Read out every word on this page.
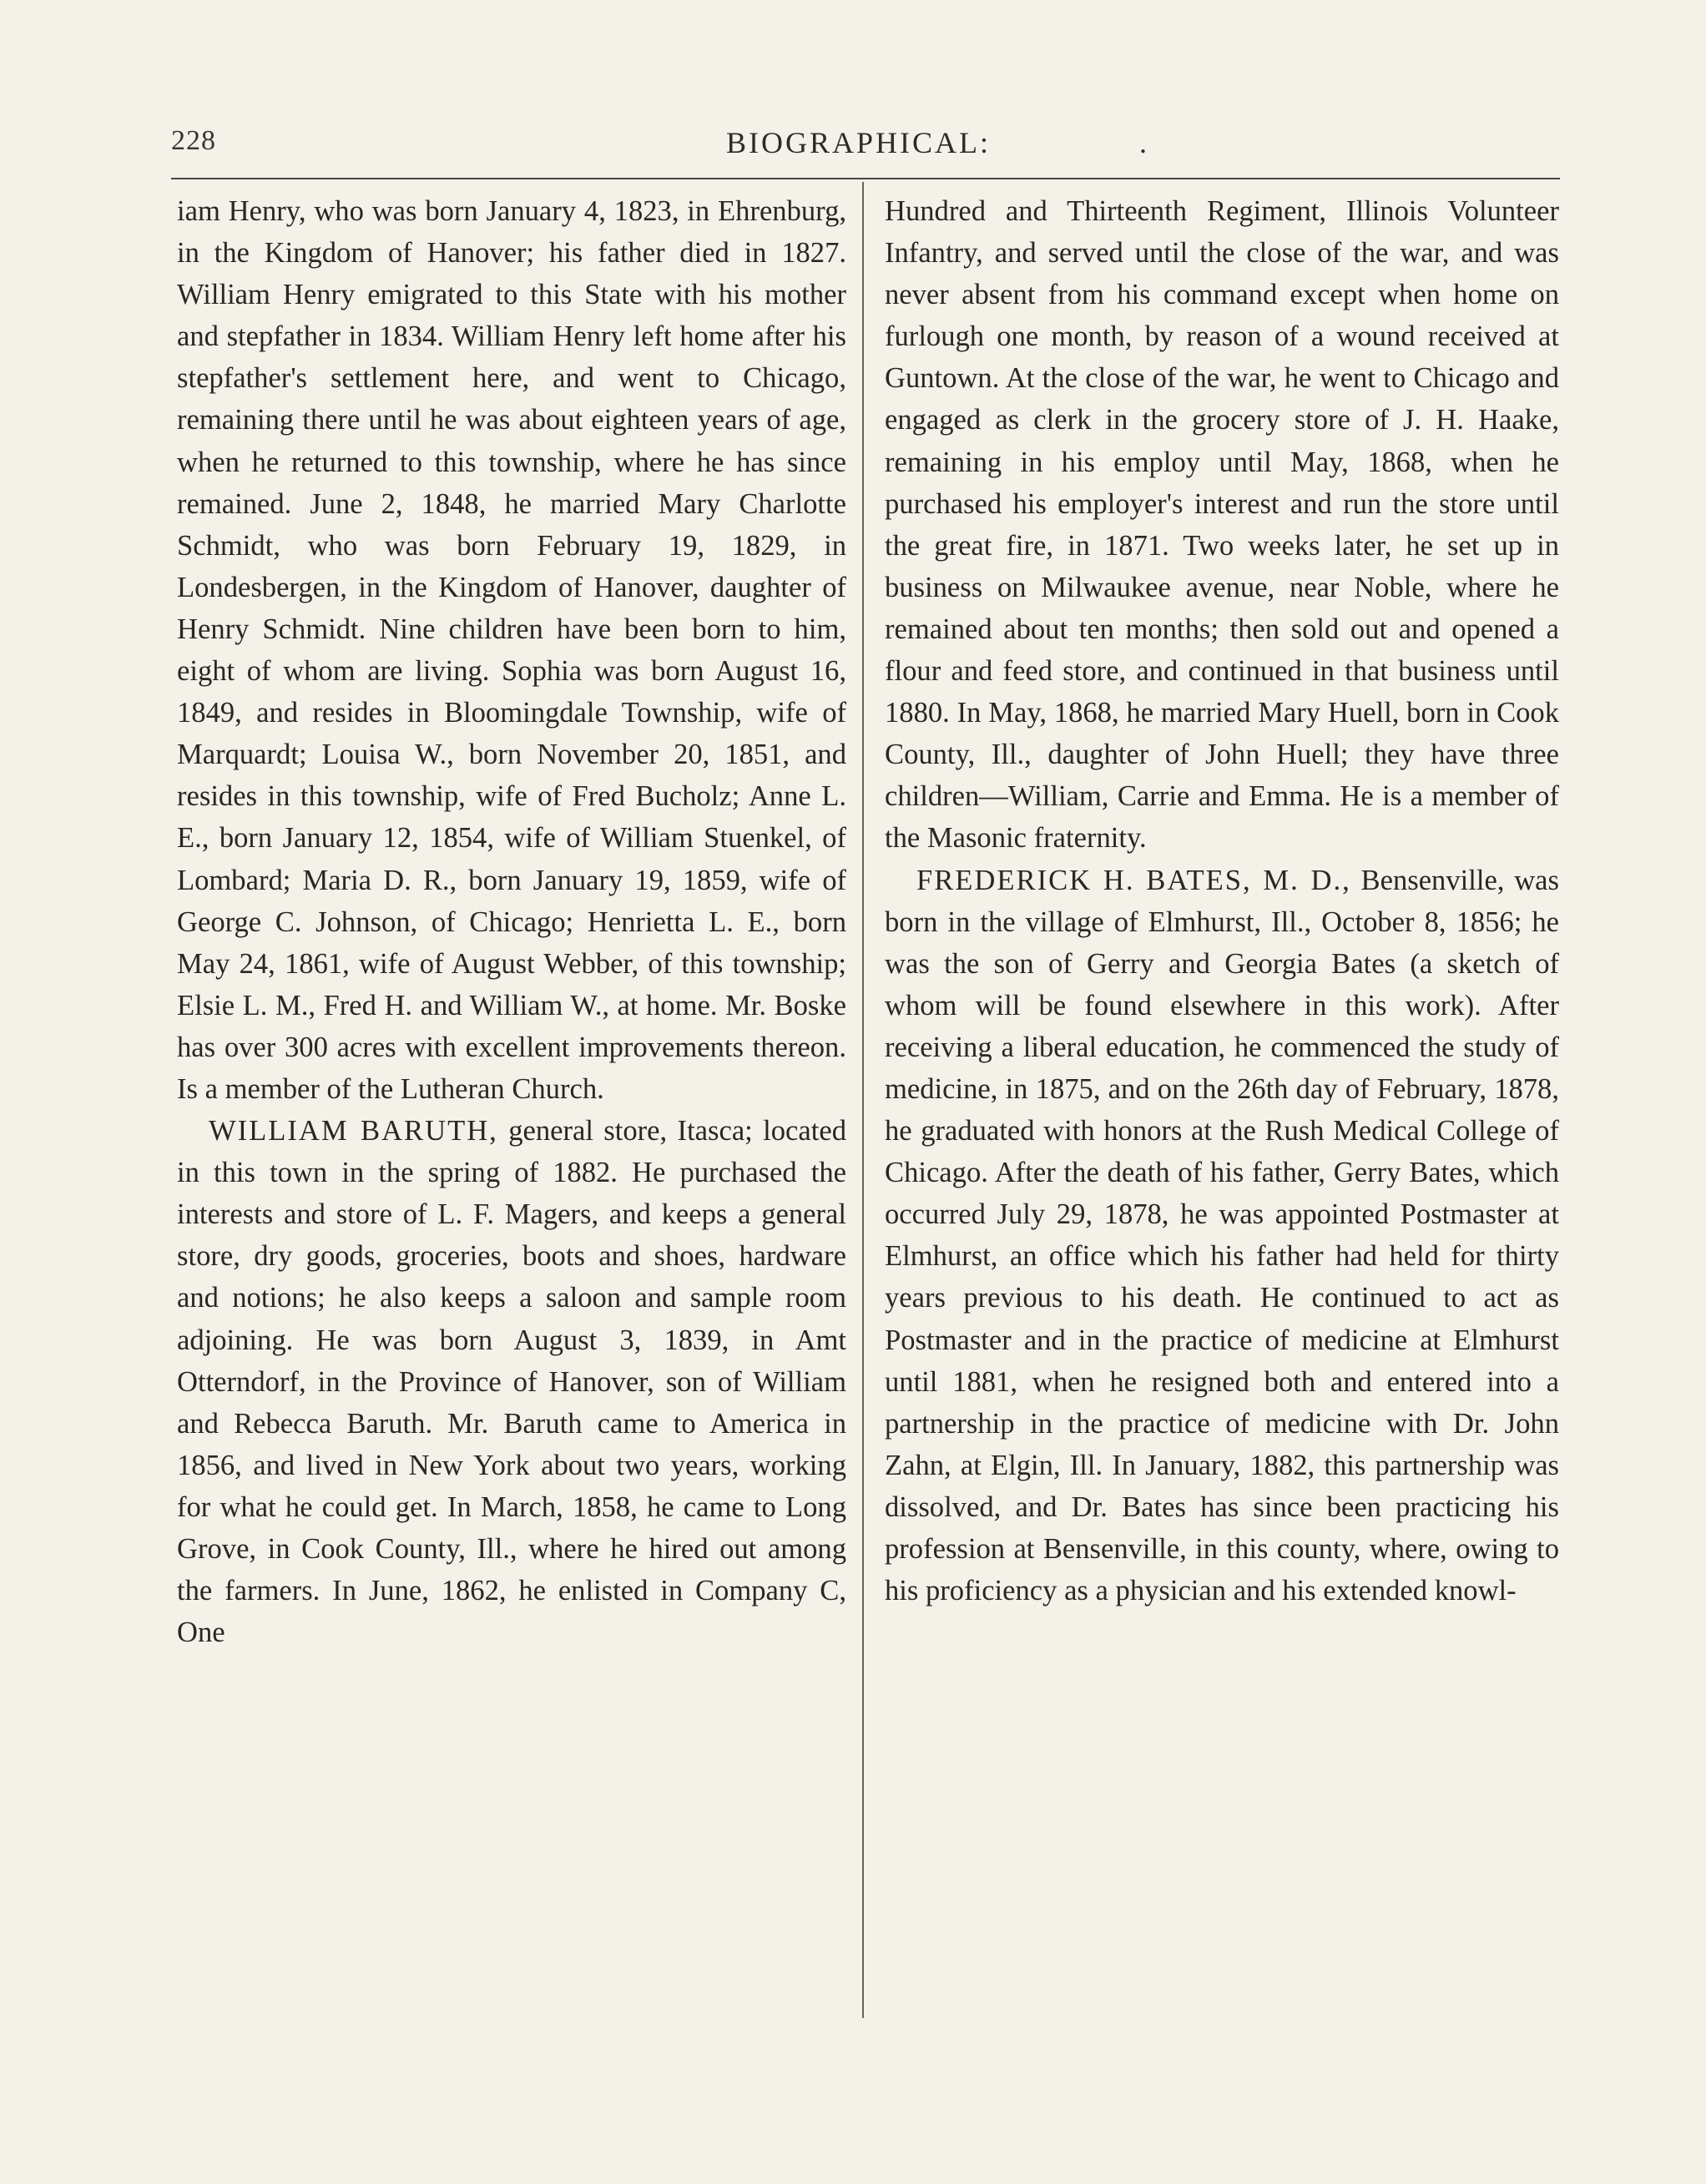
228	BIOGRAPHICAL:	.

iam Henry, who was born January 4, 1823, in Ehrenburg, in the Kingdom of Hanover; his father died in 1827. William Henry emigrated to this State with his mother and stepfather in 1834. William Henry left home after his stepfather's settlement here, and went to Chicago, remaining there until he was about eighteen years of age, when he returned to this township, where he has since remained. June 2, 1848, he married Mary Charlotte Schmidt, who was born February 19, 1829, in Londesbergen, in the Kingdom of Hanover, daughter of Henry Schmidt. Nine children have been born to him, eight of whom are living. Sophia was born August 16, 1849, and resides in Bloomingdale Township, wife of Marquardt; Louisa W., born November 20, 1851, and resides in this township, wife of Fred Bucholz; Anne L. E., born January 12, 1854, wife of William Stuenkel, of Lombard; Maria D. R., born January 19, 1859, wife of George C. Johnson, of Chicago; Henrietta L. E., born May 24, 1861, wife of August Webber, of this township; Elsie L. M., Fred H. and William W., at home. Mr. Boske has over 300 acres with excellent improvements thereon. Is a member of the Lutheran Church.

WILLIAM BARUTH, general store, Itasca; located in this town in the spring of 1882. He purchased the interests and store of L. F. Magers, and keeps a general store, dry goods, groceries, boots and shoes, hardware and notions; he also keeps a saloon and sample room adjoining. He was born August 3, 1839, in Amt Otterndorf, in the Province of Hanover, son of William and Rebecca Baruth. Mr. Baruth came to America in 1856, and lived in New York about two years, working for what he could get. In March, 1858, he came to Long Grove, in Cook County, Ill., where he hired out among the farmers. In June, 1862, he enlisted in Company C, One

Hundred and Thirteenth Regiment, Illinois Volunteer Infantry, and served until the close of the war, and was never absent from his command except when home on furlough one month, by reason of a wound received at Guntown. At the close of the war, he went to Chicago and engaged as clerk in the grocery store of J. H. Haake, remaining in his employ until May, 1868, when he purchased his employer's interest and run the store until the great fire, in 1871. Two weeks later, he set up in business on Milwaukee avenue, near Noble, where he remained about ten months; then sold out and opened a flour and feed store, and continued in that business until 1880. In May, 1868, he married Mary Huell, born in Cook County, Ill., daughter of John Huell; they have three children—William, Carrie and Emma. He is a member of the Masonic fraternity.

FREDERICK H. BATES, M. D., Bensenville, was born in the village of Elmhurst, Ill., October 8, 1856; he was the son of Gerry and Georgia Bates (a sketch of whom will be found elsewhere in this work). After receiving a liberal education, he commenced the study of medicine, in 1875, and on the 26th day of February, 1878, he graduated with honors at the Rush Medical College of Chicago. After the death of his father, Gerry Bates, which occurred July 29, 1878, he was appointed Postmaster at Elmhurst, an office which his father had held for thirty years previous to his death. He continued to act as Postmaster and in the practice of medicine at Elmhurst until 1881, when he resigned both and entered into a partnership in the practice of medicine with Dr. John Zahn, at Elgin, Ill. In January, 1882, this partnership was dissolved, and Dr. Bates has since been practicing his profession at Bensenville, in this county, where, owing to his proficiency as a physician and his extended knowl-
